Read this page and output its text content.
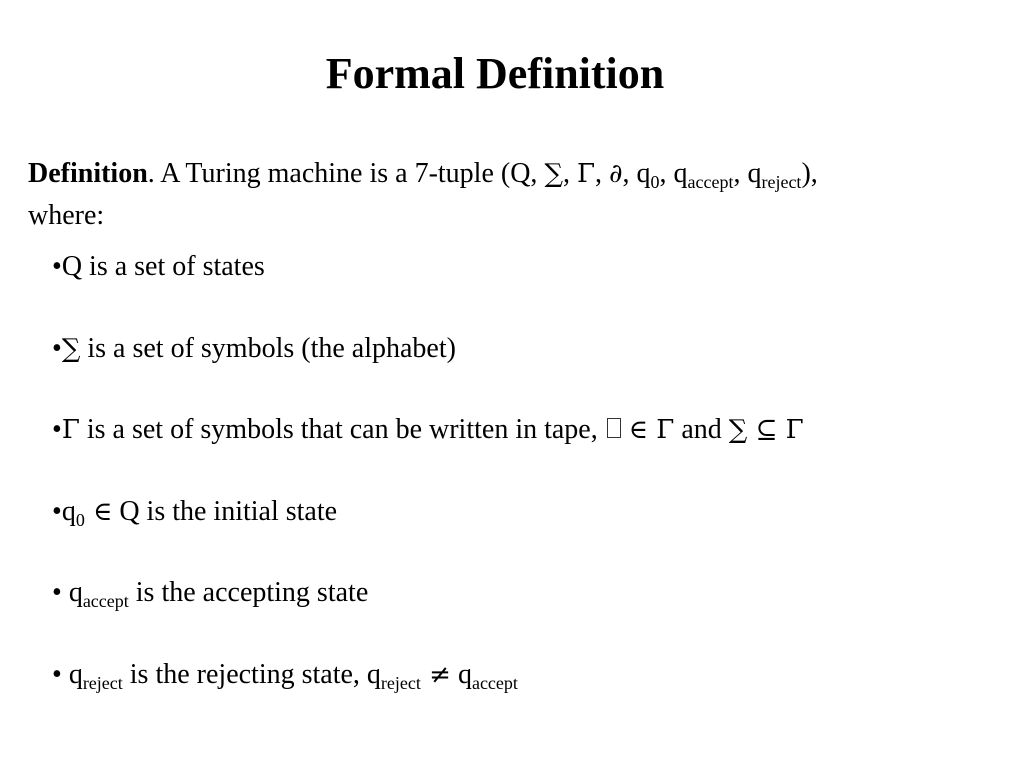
Formal Definition
Definition. A Turing machine is a 7-tuple (Q, ∑, Γ, ∂, $q_0$, $q_{accept}$, $q_{reject}$),
where:
•Q is a set of states
•∑ is a set of symbols (the alphabet)
•Γ is a set of symbols that can be written in tape, ∈ Γ and ∑ ⊆ Γ
$•q_0$ ∈ Q is the initial state
• $q_{accept}$ is the accepting state
• $q_{reject}$ is the rejecting state, $q_{reject} \ne q_{accept}$
